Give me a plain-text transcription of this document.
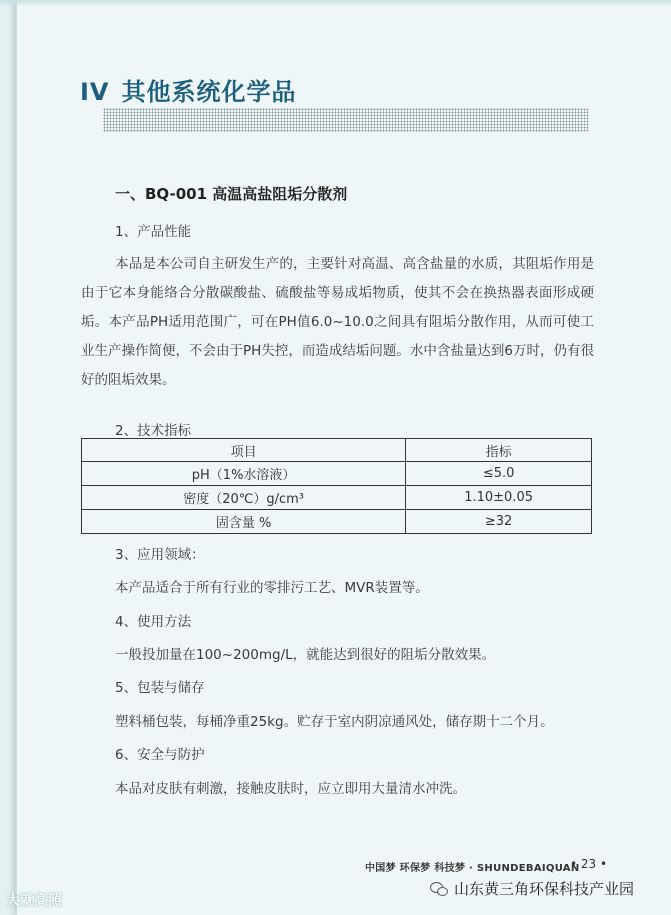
IV 其他系统化学品
一、BQ-001 高温高盐阻垢分散剂
1、产品性能
本品是本公司自主研发生产的，主要针对高温、高含盐量的水质，其阻垢作用是由于它本身能络合分散碳酸盐、硫酸盐等易成垢物质，使其不会在换热器表面形成硬垢。本产品PH适用范围广，可在PH值6.0~10.0之间具有阻垢分散作用，从而可使工业生产操作简便，不会由于PH失控，而造成结垢问题。水中含盐量达到6万时，仍有很好的阻垢效果。
2、技术指标
项目	指标
pH（1%水溶液）	≤5.0
密度（20℃）g/cm³	1.10±0.05
固含量 %	≥32
3、应用领域：
本产品适合于所有行业的零排污工艺、MVR装置等。
4、使用方法
一般投加量在100~200mg/L，就能达到很好的阻垢分散效果。
5、包装与储存
塑料桶包装，每桶净重25kg。贮存于室内阴凉通风处，储存期十二个月。
6、安全与防护
本品对皮肤有刺激，接触皮肤时，应立即用大量清水冲洗。
中国梦 环保梦 科技梦 · SHUNDEBAIQUAN
• 23 •
大就高照
山东黄三角环保科技产业园
